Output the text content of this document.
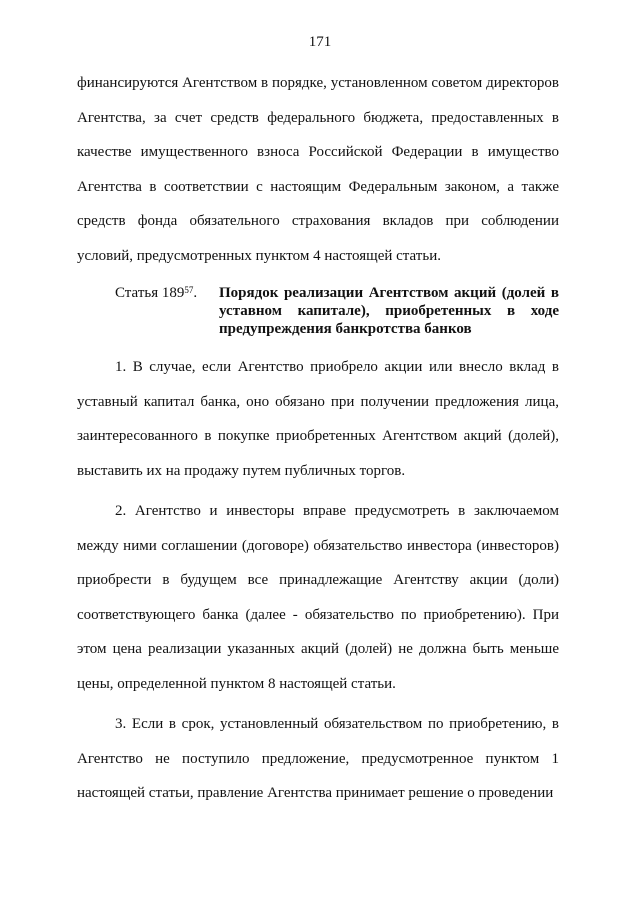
171

финансируются Агентством в порядке, установленном советом директоров Агентства, за счет средств федерального бюджета, предоставленных в качестве имущественного взноса Российской Федерации в имущество Агентства в соответствии с настоящим Федеральным законом, а также средств фонда обязательного страхования вкладов при соблюдении условий, предусмотренных пунктом 4 настоящей статьи.

Статья $189^{57}$.	Порядок реализации Агентством акций (долей в уставном капитале), приобретенных в ходе предупреждения банкротства банков

1. В случае, если Агентство приобрело акции или внесло вклад в уставный капитал банка, оно обязано при получении предложения лица, заинтересованного в покупке приобретенных Агентством акций (долей), выставить их на продажу путем публичных торгов.

2. Агентство и инвесторы вправе предусмотреть в заключаемом между ними соглашении (договоре) обязательство инвестора (инвесторов) приобрести в будущем все принадлежащие Агентству акции (доли) соответствующего банка (далее - обязательство по приобретению). При этом цена реализации указанных акций (долей) не должна быть меньше цены, определенной пунктом 8 настоящей статьи.

3. Если в срок, установленный обязательством по приобретению, в Агентство не поступило предложение, предусмотренное пунктом 1 настоящей статьи, правление Агентства принимает решение о проведении
